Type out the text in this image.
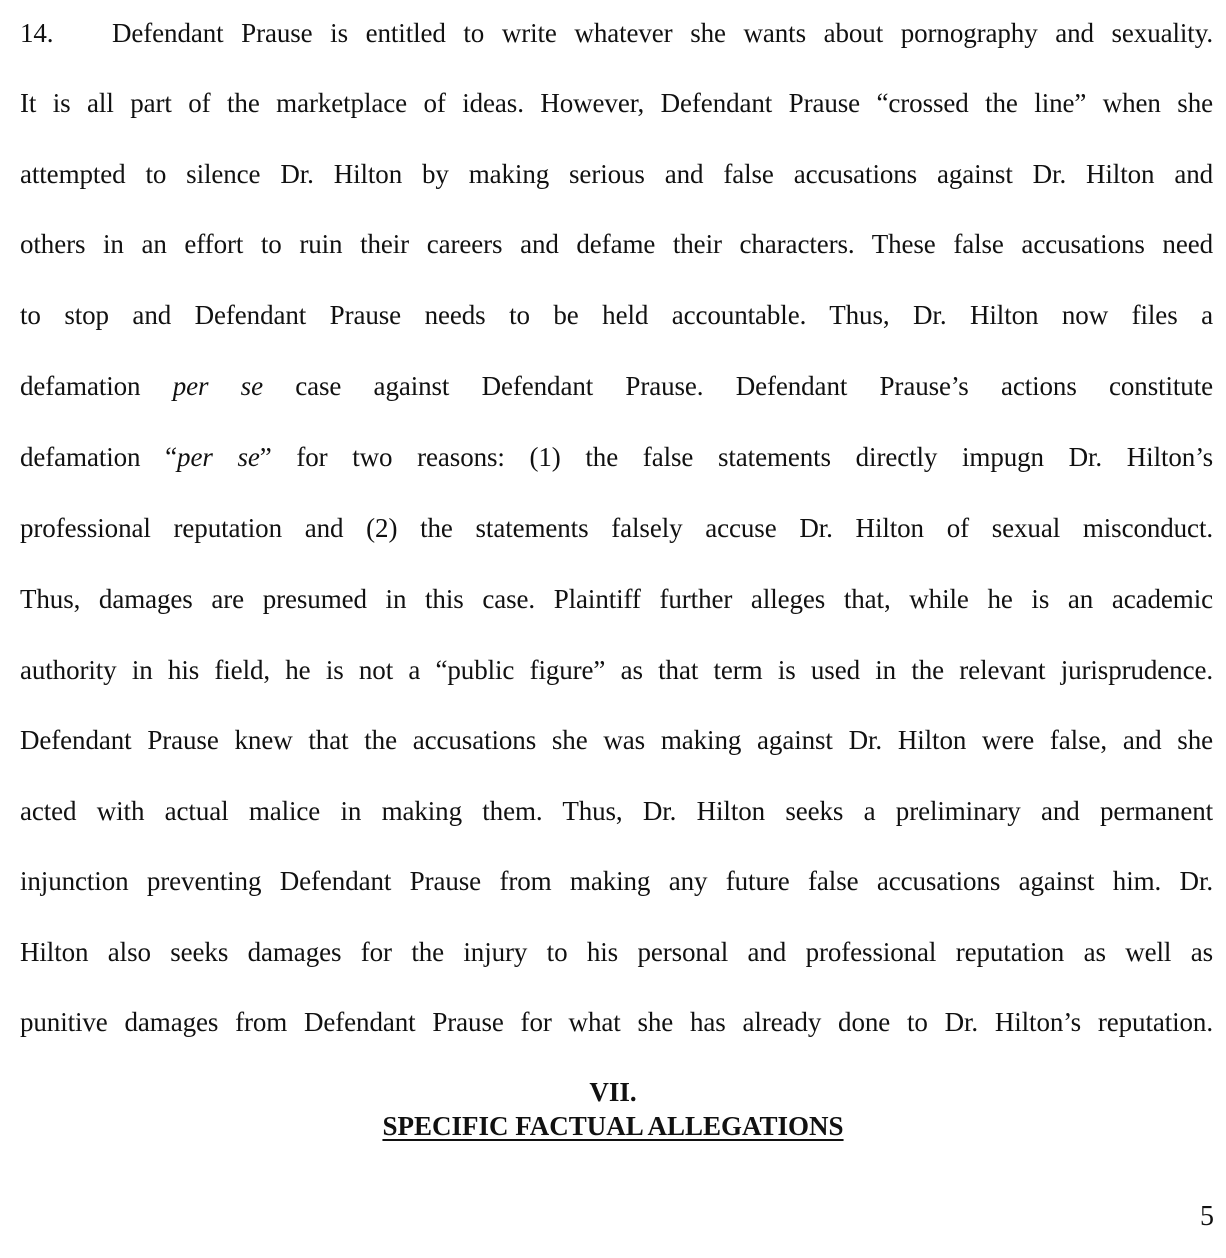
14. Defendant Prause is entitled to write whatever she wants about pornography and sexuality.
It is all part of the marketplace of ideas. However, Defendant Prause “crossed the line” when she
attempted to silence Dr. Hilton by making serious and false accusations against Dr. Hilton and
others in an effort to ruin their careers and defame their characters. These false accusations need
to stop and Defendant Prause needs to be held accountable. Thus, Dr. Hilton now files a
defamation per se case against Defendant Prause. Defendant Prause’s actions constitute
defamation “per se” for two reasons: (1) the false statements directly impugn Dr. Hilton’s
professional reputation and (2) the statements falsely accuse Dr. Hilton of sexual misconduct.
Thus, damages are presumed in this case. Plaintiff further alleges that, while he is an academic
authority in his field, he is not a “public figure” as that term is used in the relevant jurisprudence.
Defendant Prause knew that the accusations she was making against Dr. Hilton were false, and she
acted with actual malice in making them. Thus, Dr. Hilton seeks a preliminary and permanent
injunction preventing Defendant Prause from making any future false accusations against him. Dr.
Hilton also seeks damages for the injury to his personal and professional reputation as well as
punitive damages from Defendant Prause for what she has already done to Dr. Hilton’s reputation.
VII.
SPECIFIC FACTUAL ALLEGATIONS
5
